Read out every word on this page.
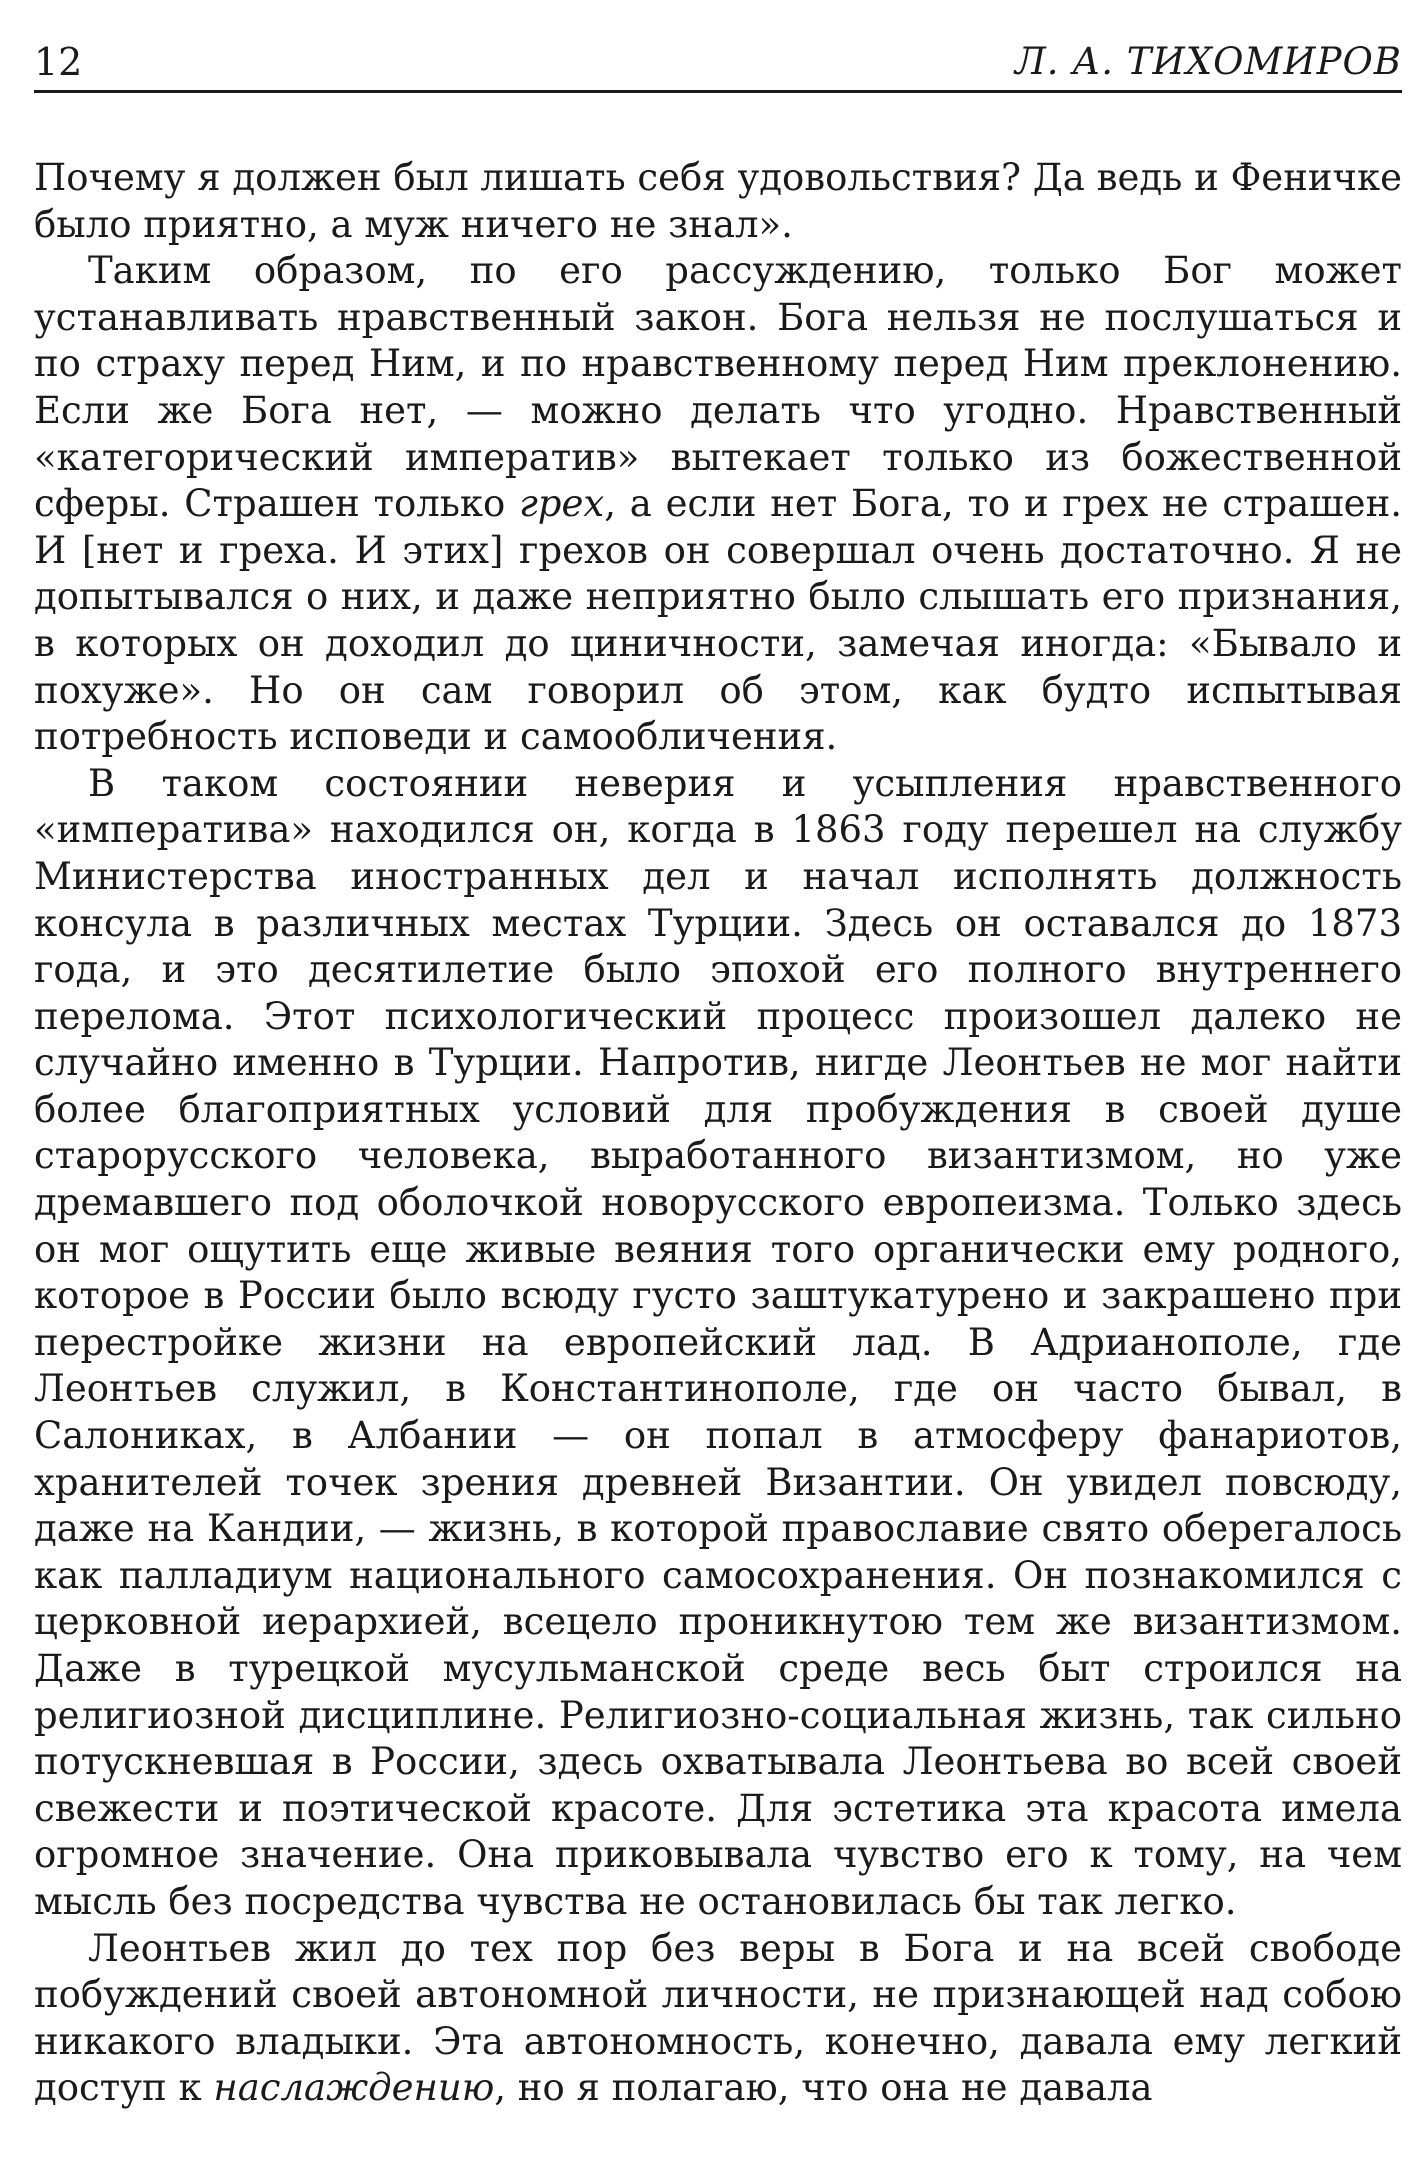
12	Л. А. ТИХОМИРОВ

Почему я должен был лишать себя удовольствия? Да ведь и Феничке было приятно, а муж ничего не знал».

Таким образом, по его рассуждению, только Бог может устанавливать нравственный закон. Бога нельзя не послушаться и по страху перед Ним, и по нравственному перед Ним преклонению. Если же Бога нет, — можно делать что угодно. Нравственный «категорический императив» вытекает только из божественной сферы. Страшен только грех, а если нет Бога, то и грех не страшен. И [нет и греха. И этих] грехов он совершал очень достаточно. Я не допытывался о них, и даже неприятно было слышать его признания, в которых он доходил до циничности, замечая иногда: «Бывало и похуже». Но он сам говорил об этом, как будто испытывая потребность исповеди и самообличения.

В таком состоянии неверия и усыпления нравственного «императива» находился он, когда в 1863 году перешел на службу Министерства иностранных дел и начал исполнять должность консула в различных местах Турции. Здесь он оставался до 1873 года, и это десятилетие было эпохой его полного внутреннего перелома. Этот психологический процесс произошел далеко не случайно именно в Турции. Напротив, нигде Леонтьев не мог найти более благоприятных условий для пробуждения в своей душе старорусского человека, выработанного византизмом, но уже дремавшего под оболочкой новорусского европеизма. Только здесь он мог ощутить еще живые веяния того органически ему родного, которое в России было всюду густо заштукатурено и закрашено при перестройке жизни на европейский лад. В Адрианополе, где Леонтьев служил, в Константинополе, где он часто бывал, в Салониках, в Албании — он попал в атмосферу фанариотов, хранителей точек зрения древней Византии. Он увидел повсюду, даже на Кандии, — жизнь, в которой православие свято оберегалось как палладиум национального самосохранения. Он познакомился с церковной иерархией, всецело проникнутою тем же византизмом. Даже в турецкой мусульманской среде весь быт строился на религиозной дисциплине. Религиозно-социальная жизнь, так сильно потускневшая в России, здесь охватывала Леонтьева во всей своей свежести и поэтической красоте. Для эстетика эта красота имела огромное значение. Она приковывала чувство его к тому, на чем мысль без посредства чувства не остановилась бы так легко.

Леонтьев жил до тех пор без веры в Бога и на всей свободе побуждений своей автономной личности, не признающей над собою никакого владыки. Эта автономность, конечно, давала ему легкий доступ к наслаждению, но я полагаю, что она не давала
